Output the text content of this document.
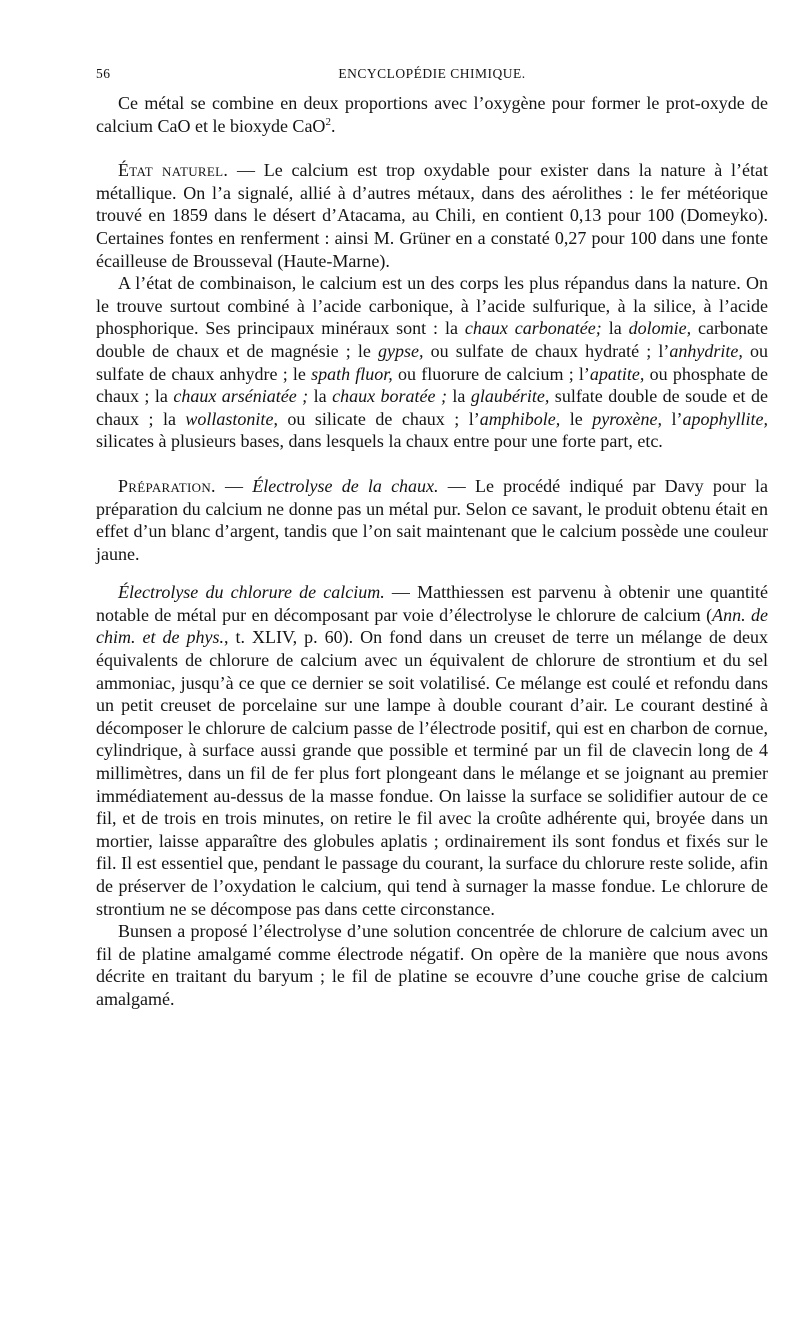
56	ENCYCLOPÉDIE CHIMIQUE.

Ce métal se combine en deux proportions avec l’oxygène pour former le prot-oxyde de calcium CaO et le bioxyde CaO$^2$.

État naturel. — Le calcium est trop oxydable pour exister dans la nature à l’état métallique. On l’a signalé, allié à d’autres métaux, dans des aérolithes : le fer météorique trouvé en 1859 dans le désert d’Atacama, au Chili, en contient 0,13 pour 100 (Domeyko). Certaines fontes en renferment : ainsi M. Grüner en a constaté 0,27 pour 100 dans une fonte écailleuse de Brousseval (Haute-Marne).

A l’état de combinaison, le calcium est un des corps les plus répandus dans la nature. On le trouve surtout combiné à l’acide carbonique, à l’acide sulfurique, à la silice, à l’acide phosphorique. Ses principaux minéraux sont : la chaux carbonatée; la dolomie, carbonate double de chaux et de magnésie ; le gypse, ou sulfate de chaux hydraté ; l’anhydrite, ou sulfate de chaux anhydre ; le spath fluor, ou fluorure de calcium ; l’apatite, ou phosphate de chaux ; la chaux arséniatée ; la chaux boratée ; la glaubérite, sulfate double de soude et de chaux ; la wollastonite, ou silicate de chaux ; l’amphibole, le pyroxène, l’apophyllite, silicates à plusieurs bases, dans lesquels la chaux entre pour une forte part, etc.

Préparation. — Électrolyse de la chaux. — Le procédé indiqué par Davy pour la préparation du calcium ne donne pas un métal pur. Selon ce savant, le produit obtenu était en effet d’un blanc d’argent, tandis que l’on sait maintenant que le calcium possède une couleur jaune.

Électrolyse du chlorure de calcium. — Matthiessen est parvenu à obtenir une quantité notable de métal pur en décomposant par voie d’électrolyse le chlorure de calcium (Ann. de chim. et de phys., t. XLIV, p. 60). On fond dans un creuset de terre un mélange de deux équivalents de chlorure de calcium avec un équivalent de chlorure de strontium et du sel ammoniac, jusqu’à ce que ce dernier se soit volatilisé. Ce mélange est coulé et refondu dans un petit creuset de porcelaine sur une lampe à double courant d’air. Le courant destiné à décomposer le chlorure de calcium passe de l’électrode positif, qui est en charbon de cornue, cylindrique, à surface aussi grande que possible et terminé par un fil de clavecin long de 4 millimètres, dans un fil de fer plus fort plongeant dans le mélange et se joignant au premier immédiatement au-dessus de la masse fondue. On laisse la surface se solidifier autour de ce fil, et de trois en trois minutes, on retire le fil avec la croûte adhérente qui, broyée dans un mortier, laisse apparaître des globules aplatis ; ordinairement ils sont fondus et fixés sur le fil. Il est essentiel que, pendant le passage du courant, la surface du chlorure reste solide, afin de préserver de l’oxydation le calcium, qui tend à surnager la masse fondue. Le chlorure de strontium ne se décompose pas dans cette circonstance.

Bunsen a proposé l’électrolyse d’une solution concentrée de chlorure de calcium avec un fil de platine amalgamé comme électrode négatif. On opère de la manière que nous avons décrite en traitant du baryum ; le fil de platine se ecouvre d’une couche grise de calcium amalgamé.
